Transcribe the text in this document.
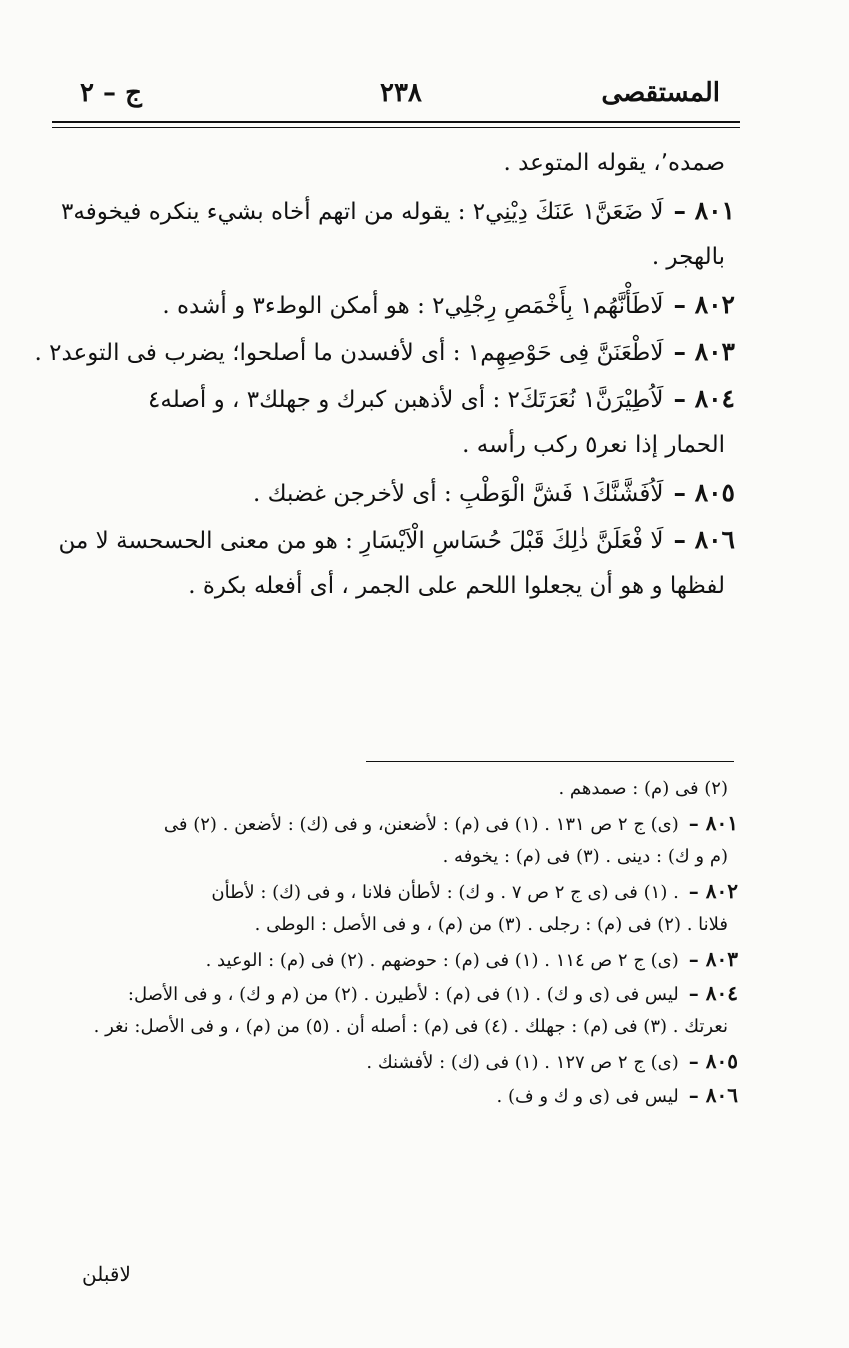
المستقصى
٢٣٨
ج – ٢
صمده٬، يقوله المتوعد .
٨٠١ –لَا ضَعَنَّ١ عَنَكَ دِيْنِي٢ : يقوله من اتهم أخاه بشيء ينكره فيخوفه٣
بالهجر .
٨٠٢ –لَاطَأْنَّهُم١ بِأَخْمَصِ رِجْلِي٢ : هو أمكن الوطء٣ و أشده .
٨٠٣ –لَاطْعَنَنَّ فِى حَوْصِهِم١ : أى لأفسدن ما أصلحوا؛ يضرب فى التوعد٢ .
٨٠٤ –لَاُطِيْرَنَّ١ نُعَرَتَكَ٢ : أى لأذهبن كبرك و جهلك٣ ، و أصله٤
الحمار إذا نعر٥ ركب رأسه .
٨٠٥ –لَاُفَشَّنَّكَ١ فَشَّ الْوَطْبِ : أى لأخرجن غضبك .
٨٠٦ –لَا فْعَلَنَّ ذٰلِكَ قَبْلَ حُسَاسِ الْاَيْسَارِ : هو من معنى الحسحسة لا من
لفظها و هو أن يجعلوا اللحم على الجمر ، أى أفعله بكرة .
(٢) فى (م) : صمدهم .
٨٠١ –(ى) ج ٢ ص ١٣١ . (١) فى (م) : لأضعنن، و فى (ك) : لأضعن . (٢) فى
(م و ك) : دينى . (٣) فى (م) : يخوفه .
٨٠٢ –. (١) فى (ى ج ٢ ص ٧ . و ك) : لأطأن فلانا ، و فى (ك) : لأطأن
فلانا . (٢) فى (م) : رجلى . (٣) من (م) ، و فى الأصل : الوطى .
٨٠٣ –(ى) ج ٢ ص ١١٤ . (١) فى (م) : حوضهم . (٢) فى (م) : الوعيد .
٨٠٤ –ليس فى (ى و ك) . (١) فى (م) : لأطيرن . (٢) من (م و ك) ، و فى الأصل:
نعرتك . (٣) فى (م) : جهلك . (٤) فى (م) : أصله أن . (٥) من (م) ، و فى الأصل: نغر .
٨٠٥ –(ى) ج ٢ ص ١٢٧ . (١) فى (ك) : لأفشنك .
٨٠٦ –ليس فى (ى و ك و ف) .
لاقبلن
